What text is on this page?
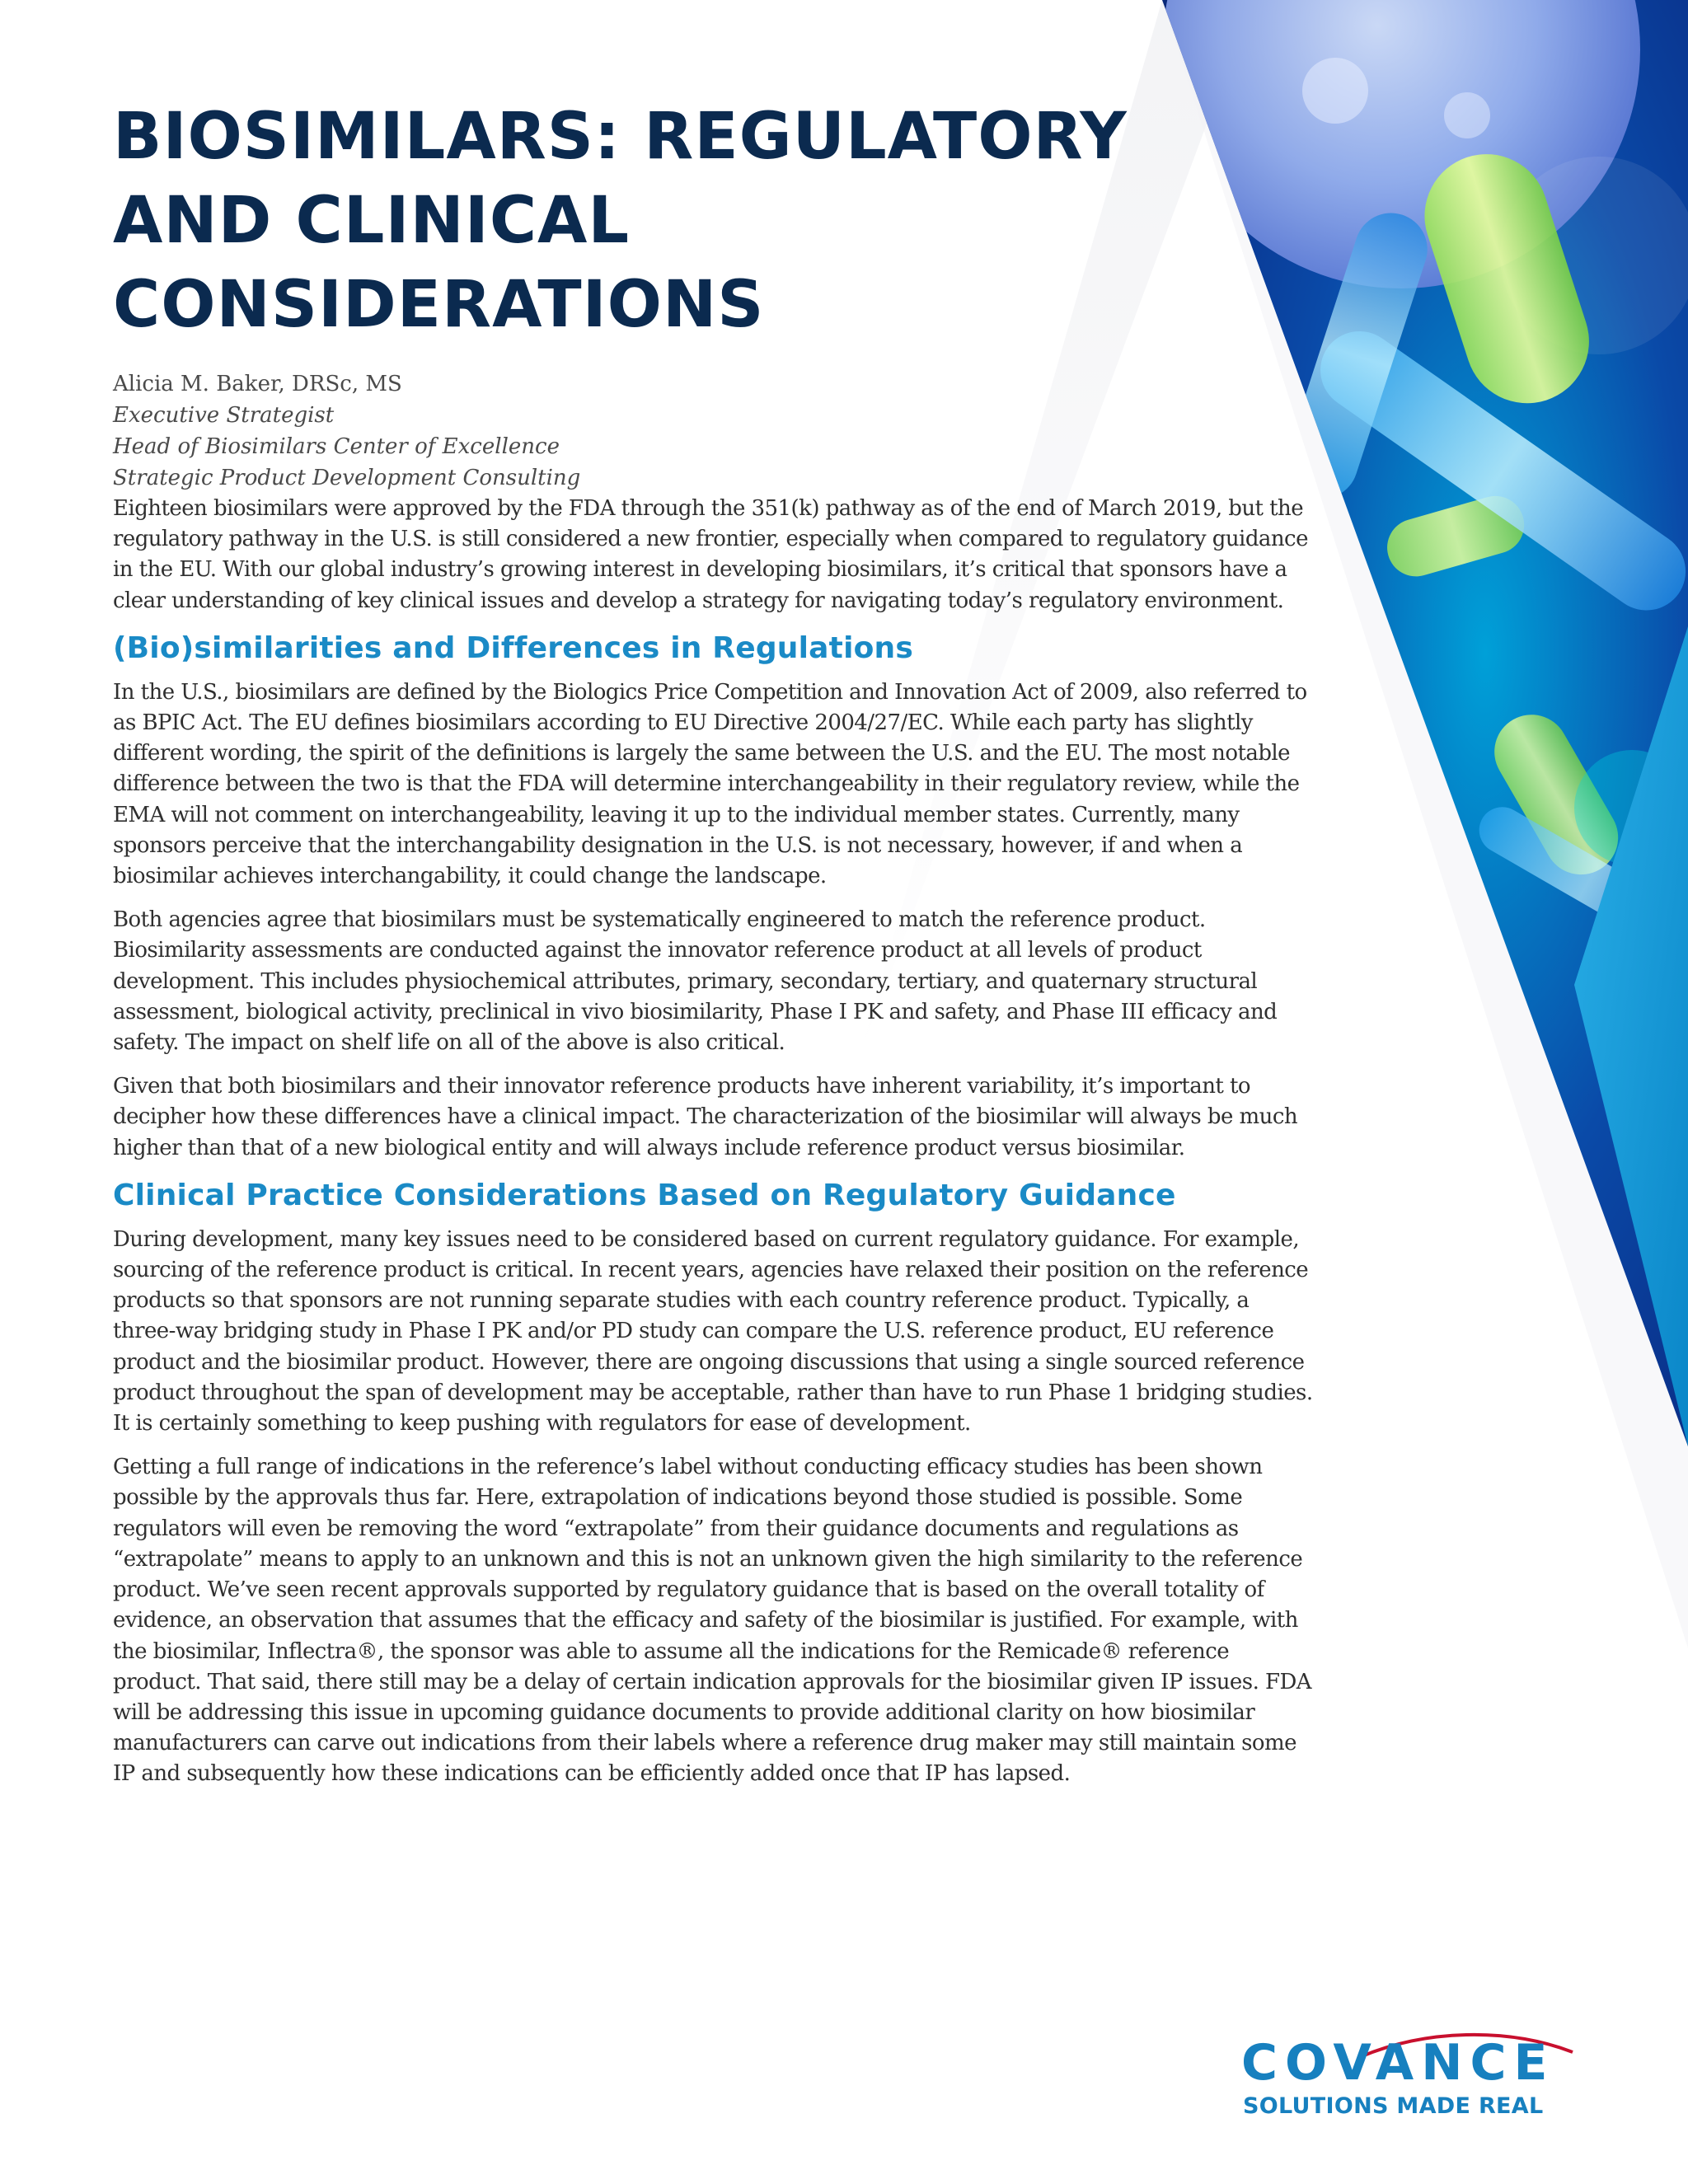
BIOSIMILARS: REGULATORY AND CLINICAL CONSIDERATIONS
Alicia M. Baker, DRSc, MS
Executive Strategist
Head of Biosimilars Center of Excellence
Strategic Product Development Consulting

Eighteen biosimilars were approved by the FDA through the 351(k) pathway as of the end of March 2019, but the regulatory pathway in the U.S. is still considered a new frontier, especially when compared to regulatory guidance in the EU. With our global industry’s growing interest in developing biosimilars, it’s critical that sponsors have a clear understanding of key clinical issues and develop a strategy for navigating today’s regulatory environment.

(Bio)similarities and Differences in Regulations

In the U.S., biosimilars are defined by the Biologics Price Competition and Innovation Act of 2009, also referred to as BPIC Act. The EU defines biosimilars according to EU Directive 2004/27/EC. While each party has slightly different wording, the spirit of the definitions is largely the same between the U.S. and the EU. The most notable difference between the two is that the FDA will determine interchangeability in their regulatory review, while the EMA will not comment on interchangeability, leaving it up to the individual member states. Currently, many sponsors perceive that the interchangability designation in the U.S. is not necessary, however, if and when a biosimilar achieves interchangability, it could change the landscape.

Both agencies agree that biosimilars must be systematically engineered to match the reference product. Biosimilarity assessments are conducted against the innovator reference product at all levels of product development. This includes physiochemical attributes, primary, secondary, tertiary, and quaternary structural assessment, biological activity, preclinical in vivo biosimilarity, Phase I PK and safety, and Phase III efficacy and safety. The impact on shelf life on all of the above is also critical.

Given that both biosimilars and their innovator reference products have inherent variability, it’s important to decipher how these differences have a clinical impact. The characterization of the biosimilar will always be much higher than that of a new biological entity and will always include reference product versus biosimilar.

Clinical Practice Considerations Based on Regulatory Guidance

During development, many key issues need to be considered based on current regulatory guidance. For example, sourcing of the reference product is critical. In recent years, agencies have relaxed their position on the reference products so that sponsors are not running separate studies with each country reference product. Typically, a three-way bridging study in Phase I PK and/or PD study can compare the U.S. reference product, EU reference product and the biosimilar product. However, there are ongoing discussions that using a single sourced reference product throughout the span of development may be acceptable, rather than have to run Phase 1 bridging studies. It is certainly something to keep pushing with regulators for ease of development.

Getting a full range of indications in the reference’s label without conducting efficacy studies has been shown possible by the approvals thus far. Here, extrapolation of indications beyond those studied is possible. Some regulators will even be removing the word “extrapolate” from their guidance documents and regulations as “extrapolate” means to apply to an unknown and this is not an unknown given the high similarity to the reference product. We’ve seen recent approvals supported by regulatory guidance that is based on the overall totality of evidence, an observation that assumes that the efficacy and safety of the biosimilar is justified. For example, with the biosimilar, Inflectra®, the sponsor was able to assume all the indications for the Remicade® reference product. That said, there still may be a delay of certain indication approvals for the biosimilar given IP issues. FDA will be addressing this issue in upcoming guidance documents to provide additional clarity on how biosimilar manufacturers can carve out indications from their labels where a reference drug maker may still maintain some IP and subsequently how these indications can be efficiently added once that IP has lapsed.

COVANCE
SOLUTIONS MADE REAL
